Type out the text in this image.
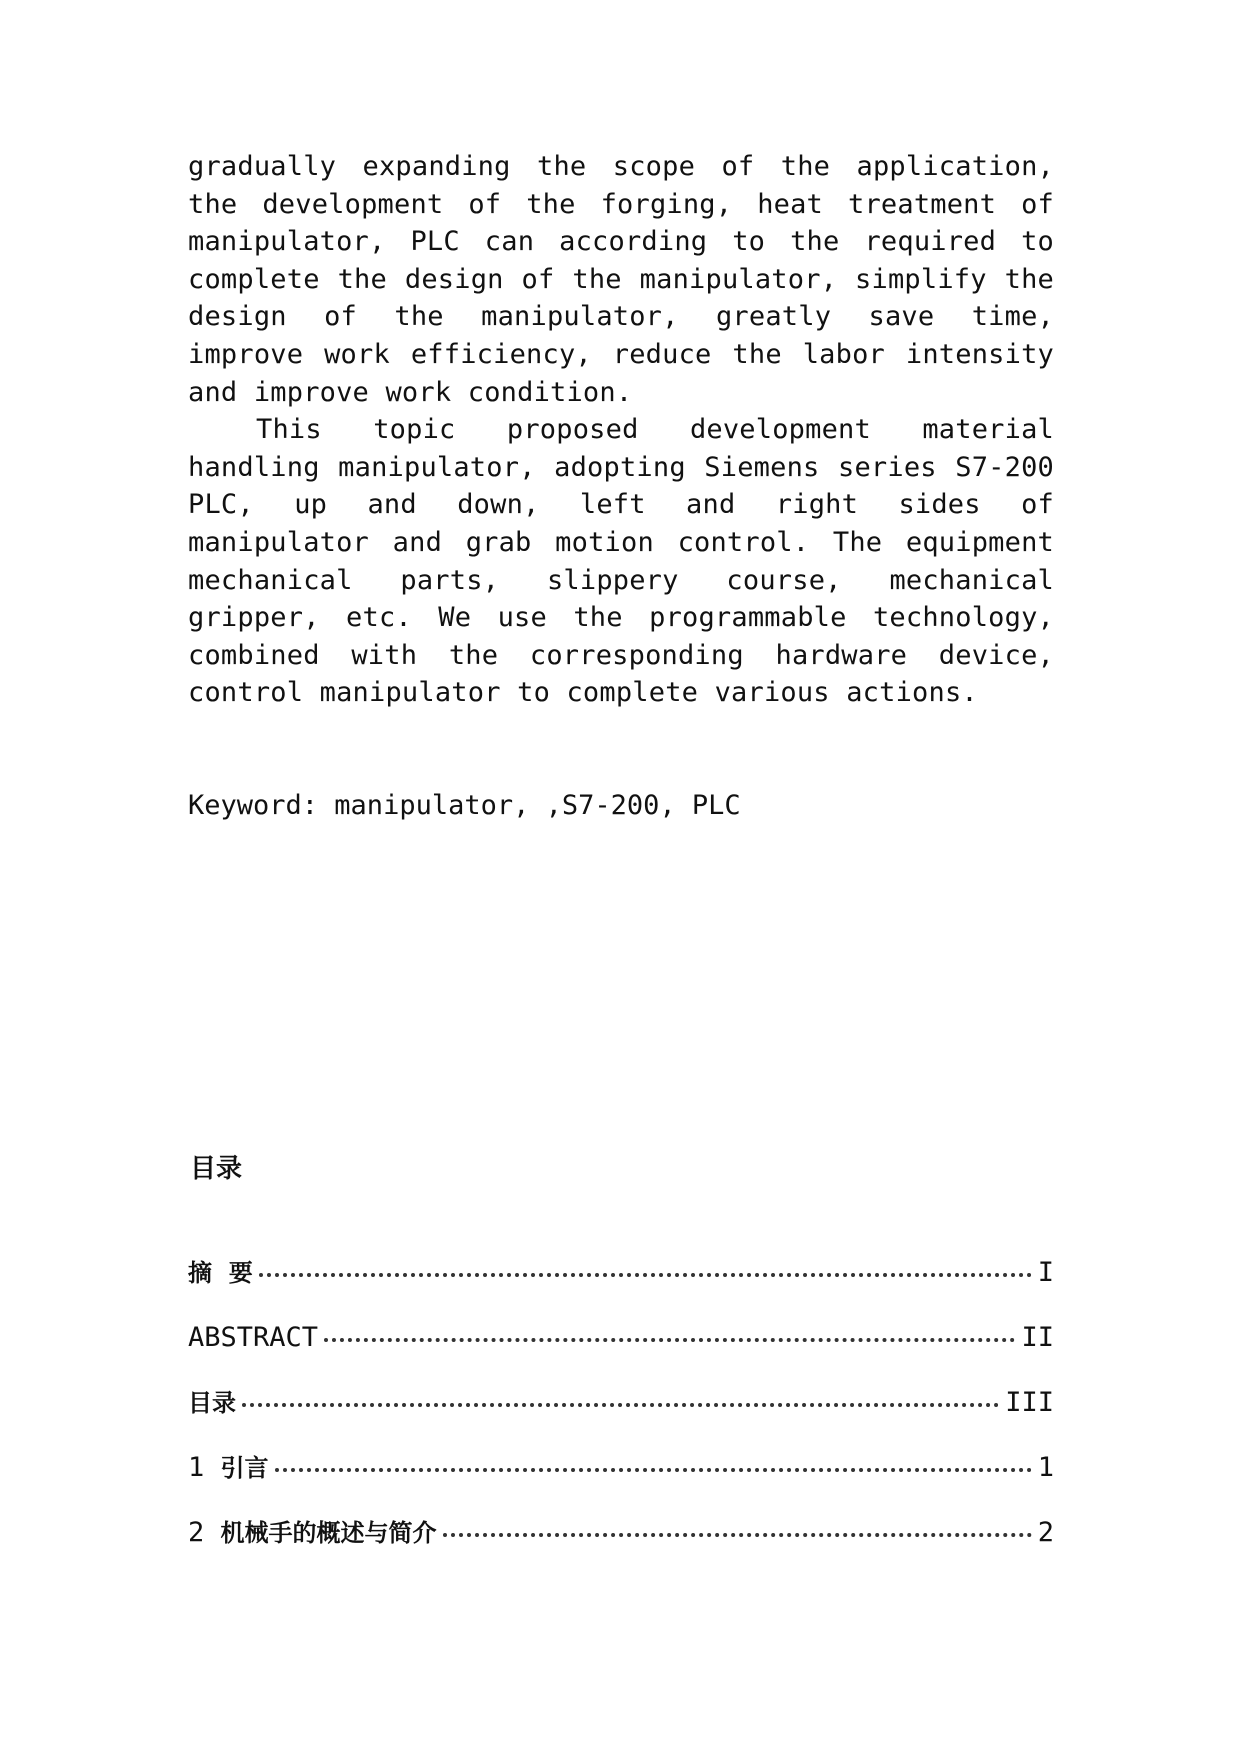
gradually expanding the scope of the application, the development of the forging, heat treatment of manipulator, PLC can according to the required to complete the design of the manipulator, simplify the design of the manipulator, greatly save time, improve work efficiency, reduce the labor intensity and improve work condition.

This topic proposed development material handling manipulator, adopting Siemens series S7-200 PLC, up and down, left and right sides of manipulator and grab motion control. The equipment mechanical parts, slippery course, mechanical gripper, etc. We use the programmable technology, combined with the corresponding hardware device, control manipulator to complete various actions.

Keyword: manipulator, ,S7-200, PLC
目录
摘  要	I
ABSTRACT	II
目录	III
1 引言	1
2 机械手的概述与简介	2
